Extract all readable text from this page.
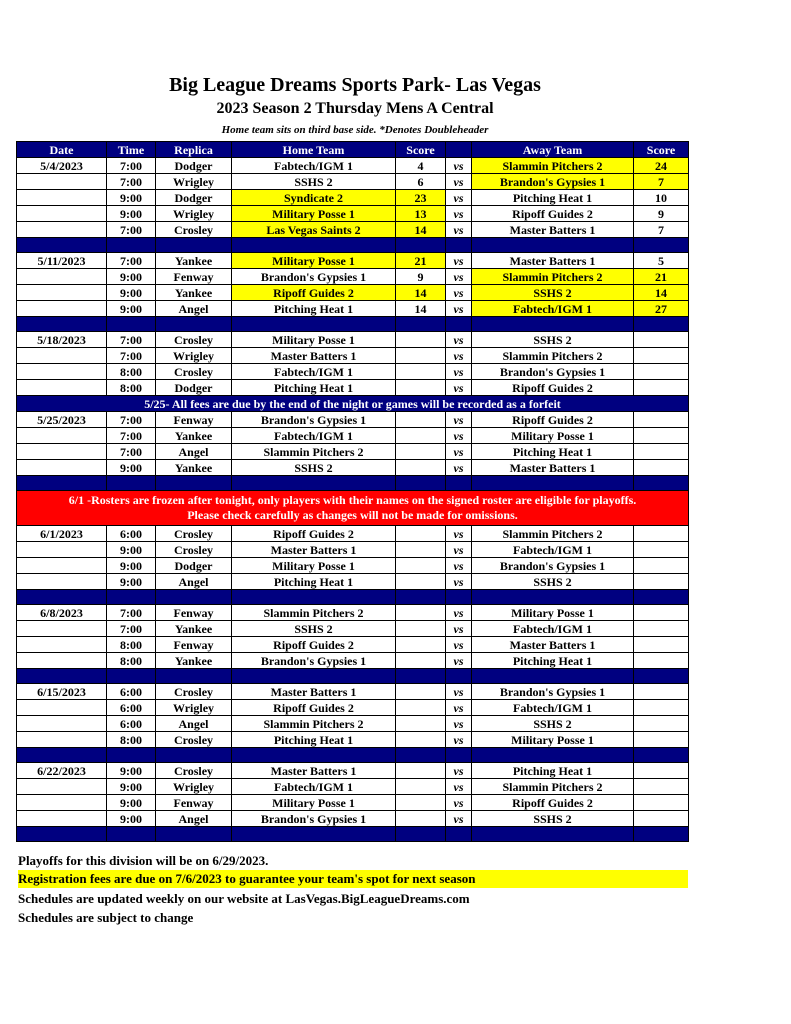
Big League Dreams Sports Park- Las Vegas
2023 Season 2 Thursday Mens A Central
Home team sits on third base side. *Denotes Doubleheader
Date	Time	Replica	Home Team	Score		Away Team	Score
5/4/2023	7:00	Dodger	Fabtech/IGM 1	4	vs	Slammin Pitchers 2	24
	7:00	Wrigley	SSHS 2	6	vs	Brandon's Gypsies 1	7
	9:00	Dodger	Syndicate 2	23	vs	Pitching Heat 1	10
	9:00	Wrigley	Military Posse 1	13	vs	Ripoff Guides 2	9
	7:00	Crosley	Las Vegas Saints 2	14	vs	Master Batters 1	7

5/11/2023	7:00	Yankee	Military Posse 1	21	vs	Master Batters 1	5
	9:00	Fenway	Brandon's Gypsies 1	9	vs	Slammin Pitchers 2	21
	9:00	Yankee	Ripoff Guides 2	14	vs	SSHS 2	14
	9:00	Angel	Pitching Heat 1	14	vs	Fabtech/IGM 1	27

5/18/2023	7:00	Crosley	Military Posse 1		vs	SSHS 2	
	7:00	Wrigley	Master Batters 1		vs	Slammin Pitchers 2	
	8:00	Crosley	Fabtech/IGM 1		vs	Brandon's Gypsies 1	
	8:00	Dodger	Pitching Heat 1		vs	Ripoff Guides 2	
5/25- All fees are due by the end of the night or games will be recorded as a forfeit							
5/25/2023	7:00	Fenway	Brandon's Gypsies 1		vs	Ripoff Guides 2	
	7:00	Yankee	Fabtech/IGM 1		vs	Military Posse 1	
	7:00	Angel	Slammin Pitchers 2		vs	Pitching Heat 1	
	9:00	Yankee	SSHS 2		vs	Master Batters 1	

6/1 -Rosters are frozen after tonight, only players with their names on the signed roster are eligible for playoffs.
Please check carefully as changes will not be made for omissions.							

6/1/2023	6:00	Crosley	Ripoff Guides 2		vs	Slammin Pitchers 2	
	9:00	Crosley	Master Batters 1		vs	Fabtech/IGM 1	
	9:00	Dodger	Military Posse 1		vs	Brandon's Gypsies 1	
	9:00	Angel	Pitching Heat 1		vs	SSHS 2	

6/8/2023	7:00	Fenway	Slammin Pitchers 2		vs	Military Posse 1	
	7:00	Yankee	SSHS 2		vs	Fabtech/IGM 1	
	8:00	Fenway	Ripoff Guides 2		vs	Master Batters 1	
	8:00	Yankee	Brandon's Gypsies 1		vs	Pitching Heat 1	

6/15/2023	6:00	Crosley	Master Batters 1		vs	Brandon's Gypsies 1	
	6:00	Wrigley	Ripoff Guides 2		vs	Fabtech/IGM 1	
	6:00	Angel	Slammin Pitchers 2		vs	SSHS 2	
	8:00	Crosley	Pitching Heat 1		vs	Military Posse 1	

6/22/2023	9:00	Crosley	Master Batters 1		vs	Pitching Heat 1	
	9:00	Wrigley	Fabtech/IGM 1		vs	Slammin Pitchers 2	
	9:00	Fenway	Military Posse 1		vs	Ripoff Guides 2	
	9:00	Angel	Brandon's Gypsies 1		vs	SSHS 2	

Playoffs for this division will be on 6/29/2023.
Registration fees are due on 7/6/2023 to guarantee your team's spot for next season
Schedules are updated weekly on our website at LasVegas.BigLeagueDreams.com
Schedules are subject to change
